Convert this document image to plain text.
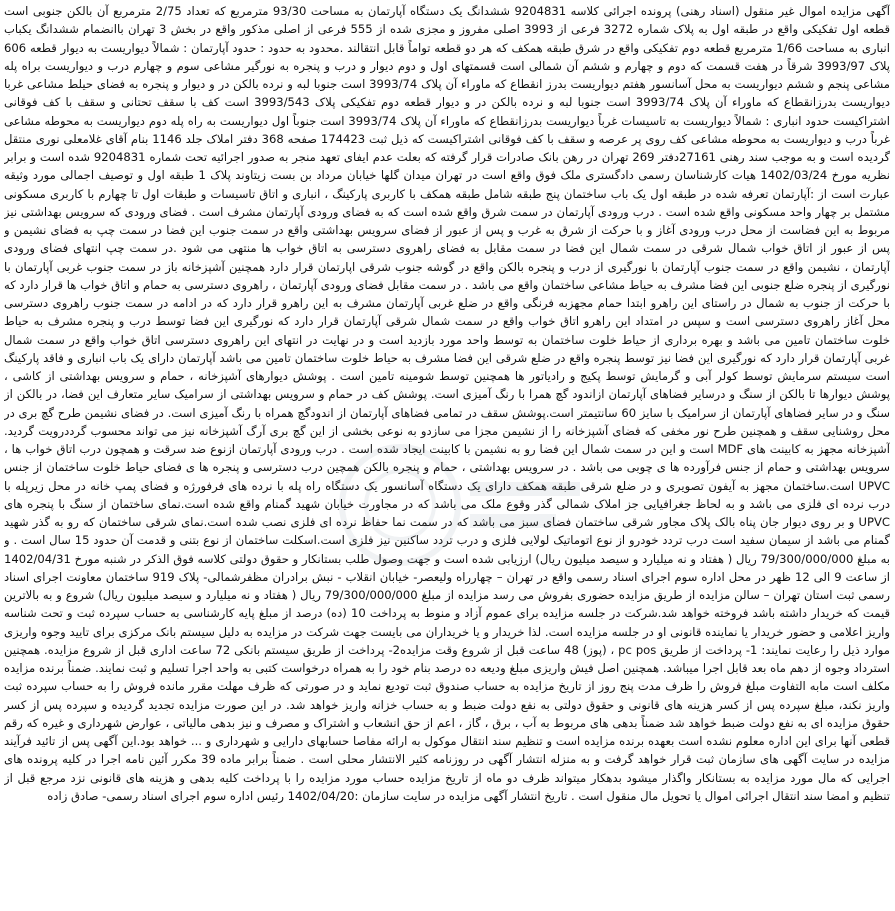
آگهی مزایده اموال غیر منقول (اسناد رهنی) پرونده اجرائی کلاسه 9204831 ششدانگ یک دستگاه آپارتمان به مساحت 93/30 مترمربع که تعداد 2/75 مترمربع آن بالکن جنوبی است قطعه اول تفکیکی واقع در طبقه اول به پلاک شماره 3272 فرعی از 3993 اصلی مفروز و مجزی شده از 555 فرعی از اصلی مذکور واقع در بخش 3 تهران باانضمام ششدانگ یکباب انباری به مساحت 1/66 مترمربع قطعه دوم تفکیکی واقع در شرق طبقه همکف که هر دو قطعه تواماً قابل انتقالند .محدود به حدود : حدود آپارتمان : شمالاً دیواریست به دیوار قطعه 606 پلاک 3993/97 شرقاً در هفت قسمت که دوم و چهارم و ششم آن شمالی است قسمتهای اول و دوم دیوار و درب و پنجره به نورگیر مشاعی سوم و چهارم درب و دیواریست براه پله مشاعی پنجم و ششم دیواریست به محل آسانسور هفتم دیواریست بدرز انقطاع که ماوراء آن پلاک 3993/74 است جنوبا لبه و نرده بالکن در و دیوار و پنجره به فضای حیلط مشاعی غربا دیواریست بدرزانقطاع که ماوراء آن پلاک 3993/74 است جنوبا لبه و نرده بالکن در و دیوار قطعه دوم تفکیکی پلاک 3993/543 است کف با سقف تحتانی و سقف با کف فوقانی اشتراکیست حدود انباری : شمالاً دیواریست به تاسیسات غرباً دیواریست بدرزانقطاع که ماوراء آن پلاک 3993/74 است جنوباً اول دیواریست به راه پله دوم دیواریست به محوطه مشاعی غرباً درب و دیواریست به محوطه مشاعی کف روی پر عرصه و سقف با کف فوقانی اشتراکیست که ذیل ثبت 174423 صفحه 368 دفتر املاک جلد 1146 بنام آقای غلامعلی نوری منتقل گردیده است و به موجب سند رهنی 27161دفتر 269 تهران در رهن بانک صادرات قرار گرفته که بعلت عدم ایفای تعهد منجر به صدور اجرائیه تحت شماره 9204831 شده است و برابر نظریه مورخ 1402/03/24 هیات کارشناسان رسمی دادگستری ملک فوق واقع است در تهران میدان گلها خیابان مرداد بن بست زیتاوند پلاک 1 طبقه اول و توصیف اجمالی مورد وثیقه عبارت است از :آپارتمان تعرفه شده در طبقه اول یک باب ساختمان پنج طبقه شامل طبقه همکف با کاربری پارکینگ ، انباری و اتاق تاسیسات و طبقات اول تا چهارم با کاربری مسکونی مشتمل بر چهار واحد مسکونی واقع شده است . درب ورودی آپارتمان در سمت شرق واقع شده است که به فضای ورودی آپارتمان مشرف است . فضای ورودی که سرویس بهداشتی نیز مربوط به این فضاست از محل درب ورودی آغاز و با حرکت از شرق به غرب و پس از عبور از فضای سرویس بهداشتی واقع در سمت جنوب این فضا در سمت چپ به فضای نشیمن و پس از عبور از اتاق خواب شمال شرقی در سمت شمال این فضا در سمت مقابل به فضای راهروی دسترسی به اتاق خواب ها منتهی می شود .در سمت چپ انتهای فضای ورودی آپارتمان ، نشیمن واقع در سمت جنوب آپارتمان با نورگیری از درب و پنجره بالکن واقع در گوشه جنوب شرقی اپارتمان قرار دارد همچنین آشپزخانه باز در سمت جنوب غربی آپارتمان با نورگیری از پنجره ضلع جنوبی این فضا مشرف به حیاط مشاعی ساختمان واقع می باشد . در سمت مقابل فضای ورودی آپارتمان ، راهروی دسترسی به حمام و اتاق خواب ها قرار دارد که با حرکت از جنوب به شمال در راستای این راهرو ابتدا حمام مجهزبه فرنگی واقع در ضلع غربی آپارتمان مشرف به این راهرو قرار دارد که در ادامه در سمت جنوب راهروی دسترسی محل آغاز راهروی دسترسی است و سپس در امتداد این راهرو اتاق خواب واقع در سمت شمال شرقی آپارتمان قرار دارد که نورگیری این فضا توسط درب و پنجره مشرف به حیاط خلوت ساختمان تامین می باشد و بهره برداری از حیاط خلوت ساختمان به توسط واحد مورد بازدید است و در نهایت در انتهای این راهروی دسترسی اتاق خواب واقع در سمت شمال غربی آپارتمان قرار دارد که نورگیری این فضا نیز توسط پنجره واقع در ضلع شرقی این فضا مشرف به حیاط خلوت ساختمان تامین می باشد آپارتمان دارای یک باب انباری و فاقد پارکینگ است سیستم سرمایش توسط کولر آبی و گرمایش توسط پکیج و رادیاتور ها همچنین توسط شومینه تامین است . پوشش دیوارهای آشپزخانه ، حمام و سرویس بهداشتی از کاشی ، پوشش دیوارها تا بالکن از سنگ و درسایر فضاهای آپارتمان ازاندود گچ همرا با رنگ آمیزی است. پوشش کف در حمام و سرویس بهداشتی از سرامیک سایر متعارف این فضا، در بالکن از سنگ و در سایر فضاهای آپارتمان از سرامیک با سایز 60 سانتیمتر است.پوشش سقف در تمامی فضاهای آپارتمان از اندودگچ همراه با رنگ آمیزی است. در فضای نشیمن طرح گچ بری در محل روشنایی سقف و همچنین طرح نور مخفی که فضای آشپزخانه را از نشیمن مجزا می سازدو به نوعی بخشی از این گچ بری آرگ آشپزخانه نیز می تواند محسوب گرددرویت گردید. آشپزخانه مجهز به کابینت های MDF است و این در سمت شمال این فضا رو به نشیمن با کابینت ایجاد شده است . درب ورودی آپارتمان ازنوع ضد سرقت و همچون درب اتاق خواب ها ، سرویس بهداشتی و حمام از جنس فرآورده ها ی چوبی می باشد . در سرویس بهداشتی ، حمام و پنجره بالکن همچین درب دسترسی و پنجره ها ی فضای حیاط خلوت ساختمان از جنس UPVC است.ساختمان مجهز به آیفون تصویری و در ضلع شرقی طبقه همکف دارای یک دستگاه آسانسور یک دستگاه راه پله با نرده های فرفورژه و فضای پمپ خانه در محل زیرپله با درب نرده ای فلزی می باشد و به لحاظ جغرافیایی جز املاک شمالی گذر وقوع ملک می باشد که در مجاورت خیابان شهید گمنام واقع شده است.نمای ساختمان از سنگ با پنجره های UPVC و بر روی دیوار جان پناه بالک پلاک مجاور شرقی ساختمان فضای سبز می باشد که در سمت نما حفاظ نرده ای فلزی نصب شده است.نمای شرقی ساختمان که رو به گذر شهید گمنام می باشد از سیمان سفید است درب تردد خودرو از نوع اتوماتیک لولایی فلزی و درب تردد ساکنین نیز فلزی است.اسکلت ساختمان از نوع بتنی و قدمت آن حدود 15 سال است . و به مبلغ 79/300/000/000 ریال ( هفتاد و نه میلیارد و سیصد میلیون ریال) ارزیابی شده است و جهت وصول طلب بستانکار و حقوق دولتی کلاسه فوق الذکر در شنبه مورخ 1402/04/31 از ساعت 9 الی 12 ظهر در محل اداره سوم اجرای اسناد رسمی واقع در تهران – چهارراه ولیعصر- خیابان انقلاب - نبش برادران مظفرشمالی- پلاک 919 ساختمان معاونت اجرای اسناد رسمی ثبت استان تهران – سالن مزایده از طریق مزایده حضوری بفروش می رسد مزایده از مبلغ 79/300/000/000 ریال ( هفتاد و نه میلیارد و سیصد میلیون ریال) شروع و به بالاترین قیمت که خریدار داشته باشد فروخته خواهد شد.شرکت در جلسه مزایده برای عموم آزاد و منوط به پرداخت 10 (ده) درصد از مبلغ پایه کارشناسی به حساب سپرده ثبت و تحت شناسه واریز اعلامی و حضور خریدار یا نماینده قانونی او در جلسه مزایده است. لذا خریدار و یا خریداران می بایست جهت شرکت در مزایده به دلیل سیستم بانک مرکزی برای تایید وجوه واریزی موارد ذیل را رعایت نمایند: 1- پرداخت از طریق pc pos ، (پوز) 48 ساعت قبل از شروع وقت مزایده2- پرداخت از طریق سیستم بانکی 72 ساعت اداری قبل از شروع مزایده. همچنین استرداد وجوه از دهم ماه بعد قابل اجرا میباشد. همچنین اصل فیش واریزی مبلغ ودیعه ده درصد بنام خود را به همراه درخواست کتبی به واحد اجرا تسلیم و ثبت نمایند. ضمناً برنده مزایده مکلف است مابه التفاوت مبلغ فروش را ظرف مدت پنج روز از تاریخ مزایده به حساب صندوق ثبت تودیع نماید و در صورتی که ظرف مهلت مقرر مانده فروش را به حساب سپرده ثبت واریز نکند، مبلغ سپرده پس از کسر هزینه های قانونی و حقوق دولتی به نفع دولت ضبط و به حساب خزانه واریز خواهد شد. در این صورت مزایده تجدید گردیده و سپرده پس از کسر حقوق مزایده ای به نفع دولت ضبط خواهد شد ضمناً بدهی های مربوط به آب ، برق ، گاز ، اعم از حق انشعاب و اشتراک و مصرف و نیز بدهی مالیاتی ، عوارض شهرداری و غیره که رقم قطعی آنها برای این اداره معلوم نشده است بعهده برنده مزایده است و تنظیم سند انتقال موکول به ارائه مفاصا حسابهای دارایی و شهرداری و ... خواهد بود.این آگهی پس از تائید فرآیند مزایده در سایت آگهی های سازمان ثبت قرار خواهد گرفت و به منزله انتشار آگهی در روزنامه کثیر الانتشار محلی است . ضمناً برابر ماده 39 مکرر آئین نامه اجرا در کلیه پرونده های اجرایی که مال مورد مزایده به بستانکار واگذار میشود بدهکار میتواند ظرف دو ماه از تاریخ مزایده حساب مورد مزایده را با پرداخت کلیه بدهی و هزینه های قانونی نزد مرجع قبل از تنظیم و امضا سند انتقال اجرائی اموال یا تحویل مال منقول است . تاریخ انتشار آگهی مزایده در سایت سازمان :1402/04/20 رئیس اداره سوم اجرای اسناد رسمی- صادق زاده
